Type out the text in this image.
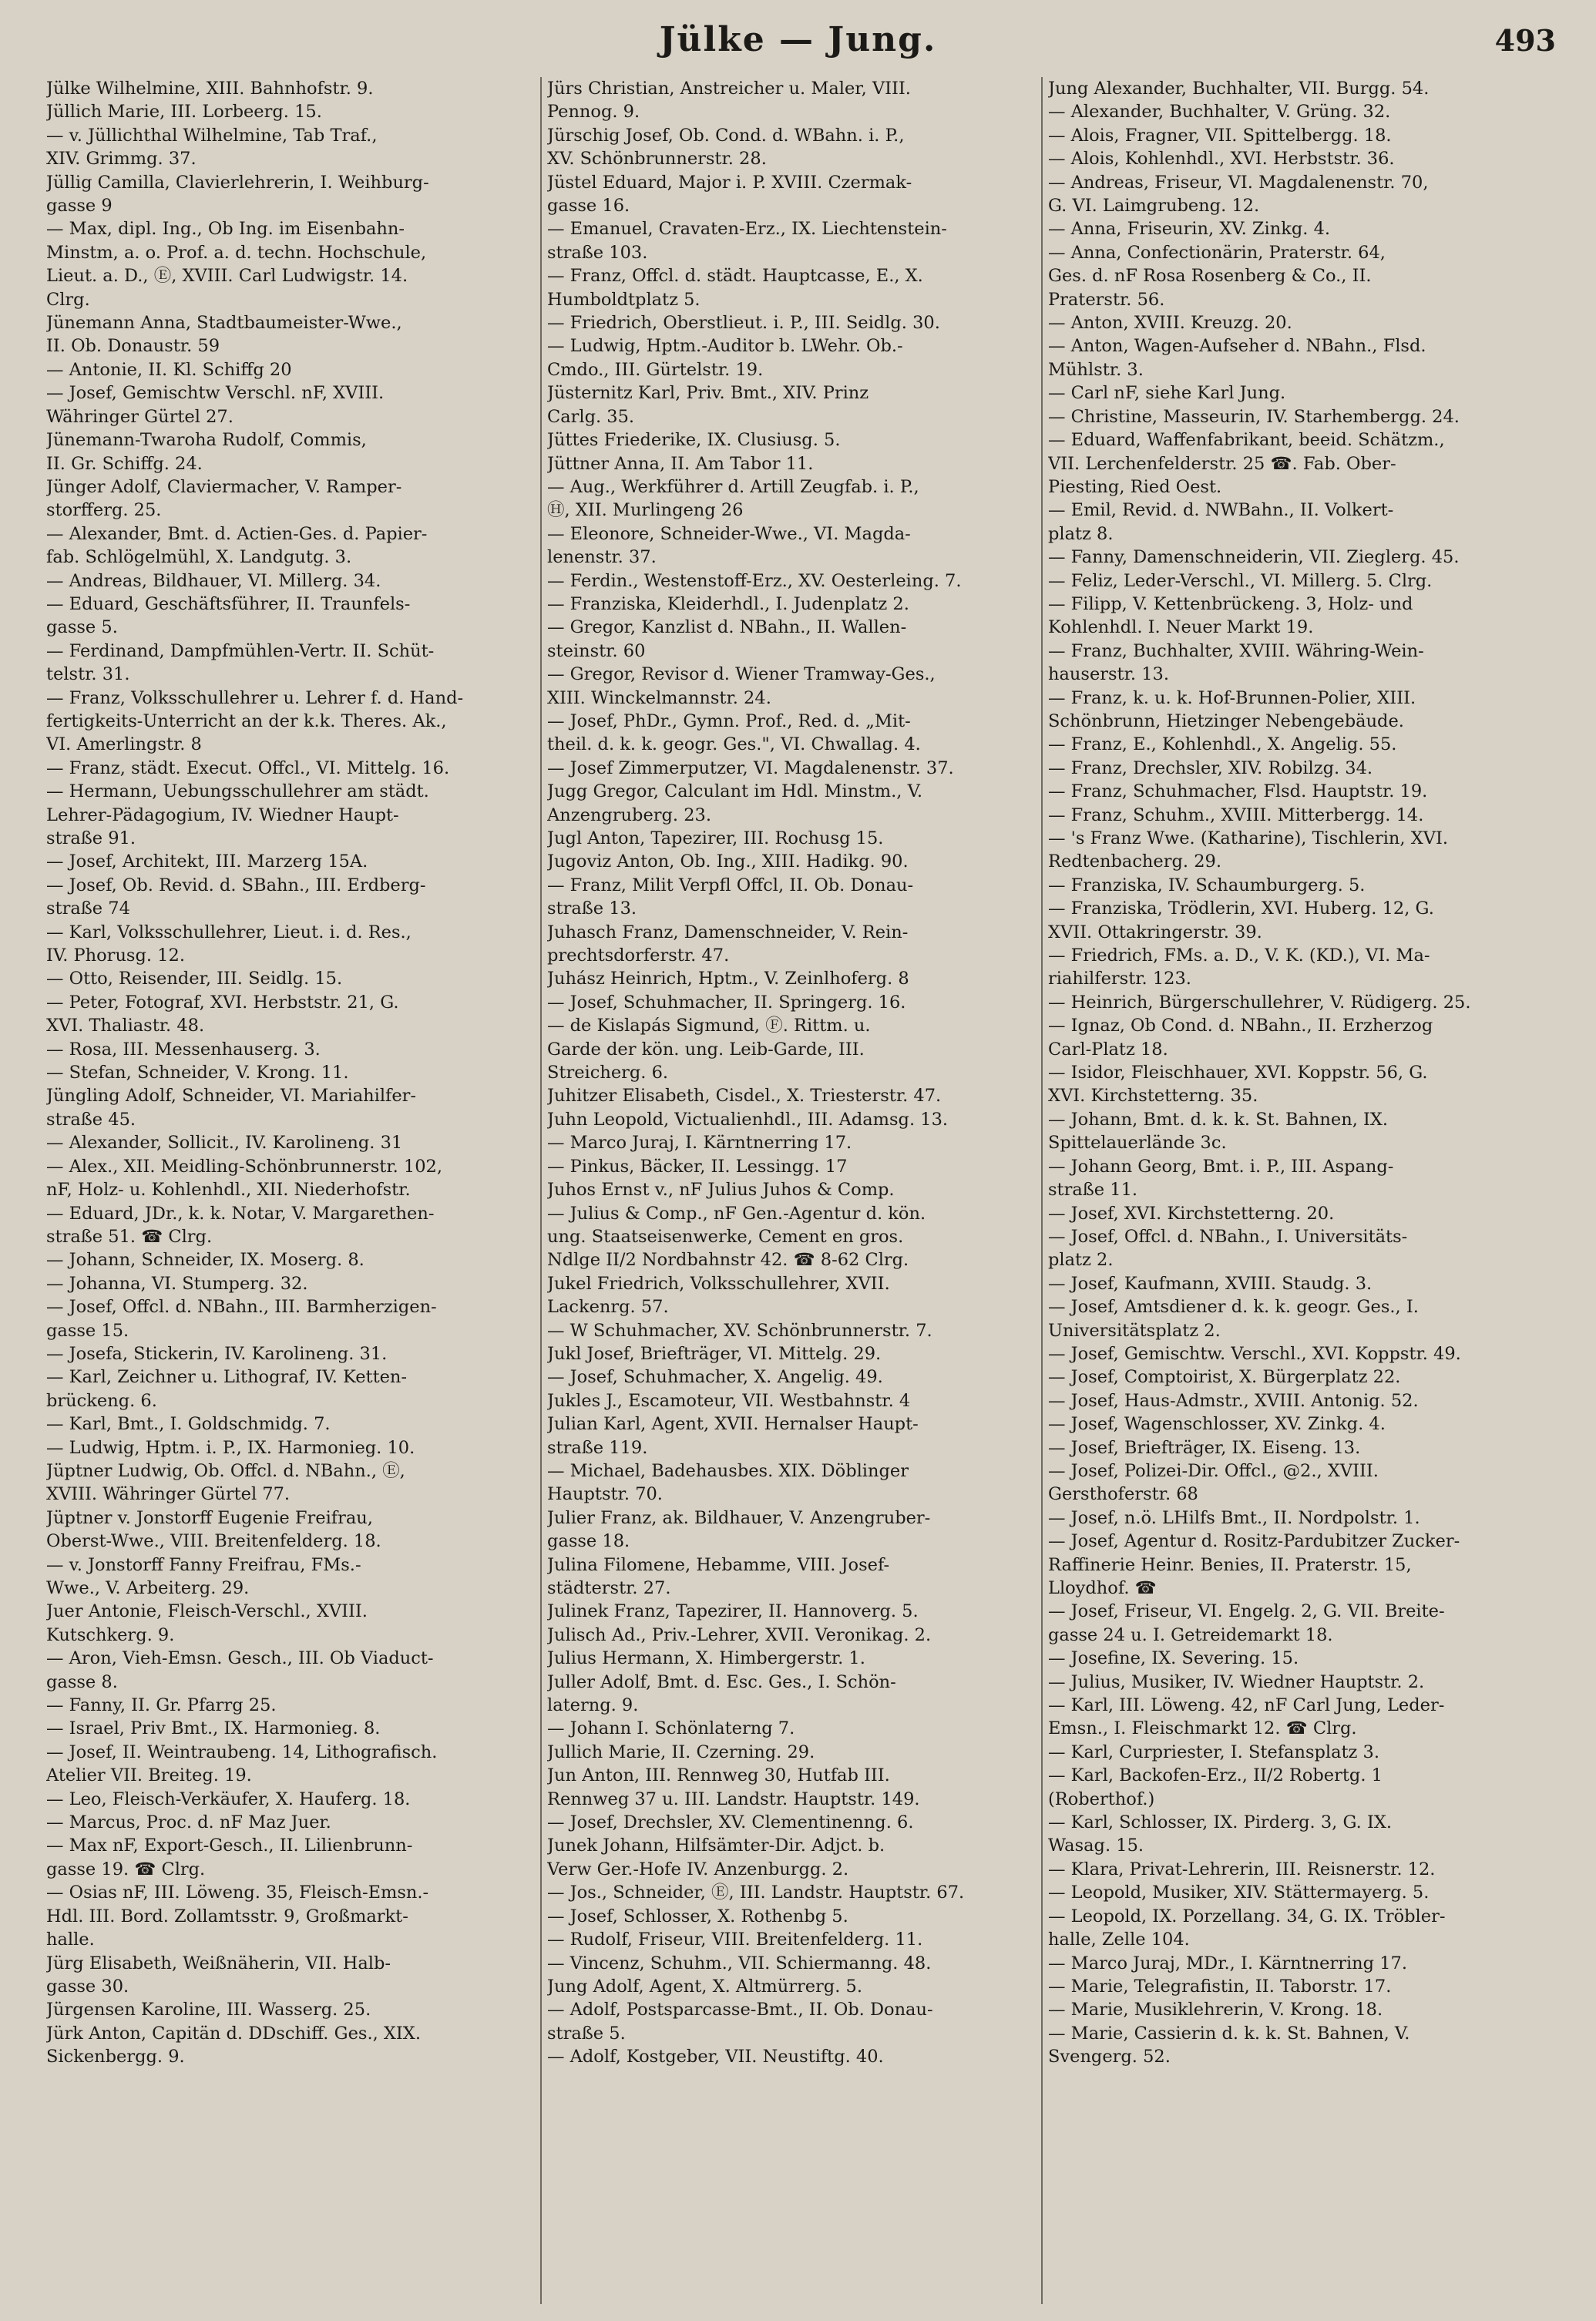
Jülke — Jung.	493

Jülke Wilhelmine, XIII. Bahnhofstr. 9.

Jüllich Marie, III. Lorbeerg. 15.

— v. Jüllichthal Wilhelmine, Tab Traf.,

XIV. Grimmg. 37.

Jüllig Camilla, Clavierlehrerin, I. Weihburg-

gasse 9

— Max, dipl. Ing., Ob Ing. im Eisenbahn-

Minstm, a. o. Prof. a. d. techn. Hochschule,

Lieut. a. D., Ⓔ, XVIII. Carl Ludwigstr. 14.

Clrg.

Jünemann Anna, Stadtbaumeister-Wwe.,

II. Ob. Donaustr. 59

— Antonie, II. Kl. Schiffg 20

— Josef, Gemischtw Verschl. nF, XVIII.

Währinger Gürtel 27.

Jünemann-Twaroha Rudolf, Commis,

II. Gr. Schiffg. 24.

Jünger Adolf, Claviermacher, V. Ramper-

storfferg. 25.

— Alexander, Bmt. d. Actien-Ges. d. Papier-

fab. Schlögelmühl, X. Landgutg. 3.

— Andreas, Bildhauer, VI. Millerg. 34.

— Eduard, Geschäftsführer, II. Traunfels-

gasse 5.

— Ferdinand, Dampfmühlen-Vertr. II. Schüt-

telstr. 31.

— Franz, Volksschullehrer u. Lehrer f. d. Hand-

fertigkeits-Unterricht an der k.k. Theres. Ak.,

VI. Amerlingstr. 8

— Franz, städt. Execut. Offcl., VI. Mittelg. 16.

— Hermann, Uebungsschullehrer am städt.

Lehrer-Pädagogium, IV. Wiedner Haupt-

straße 91.

— Josef, Architekt, III. Marzerg 15A.

— Josef, Ob. Revid. d. SBahn., III. Erdberg-

straße 74

— Karl, Volksschullehrer, Lieut. i. d. Res.,

IV. Phorusg. 12.

— Otto, Reisender, III. Seidlg. 15.

— Peter, Fotograf, XVI. Herbststr. 21, G.

XVI. Thaliastr. 48.

— Rosa, III. Messenhauserg. 3.

— Stefan, Schneider, V. Krong. 11.

Jüngling Adolf, Schneider, VI. Mariahilfer-

straße 45.

— Alexander, Sollicit., IV. Karolineng. 31

— Alex., XII. Meidling-Schönbrunnerstr. 102,

nF, Holz- u. Kohlenhdl., XII. Niederhofstr.

— Eduard, JDr., k. k. Notar, V. Margarethen-

straße 51. ☎ Clrg.

— Johann, Schneider, IX. Moserg. 8.

— Johanna, VI. Stumperg. 32.

— Josef, Offcl. d. NBahn., III. Barmherzigen-

gasse 15.

— Josefa, Stickerin, IV. Karolineng. 31.

— Karl, Zeichner u. Lithograf, IV. Ketten-

brückeng. 6.

— Karl, Bmt., I. Goldschmidg. 7.

— Ludwig, Hptm. i. P., IX. Harmonieg. 10.

Jüptner Ludwig, Ob. Offcl. d. NBahn., Ⓔ,

XVIII. Währinger Gürtel 77.

Jüptner v. Jonstorff Eugenie Freifrau,

Oberst-Wwe., VIII. Breitenfelderg. 18.

— v. Jonstorff Fanny Freifrau, FMs.-

Wwe., V. Arbeiterg. 29.

Juer Antonie, Fleisch-Verschl., XVIII.

Kutschkerg. 9.

— Aron, Vieh-Emsn. Gesch., III. Ob Viaduct-

gasse 8.

— Fanny, II. Gr. Pfarrg 25.

— Israel, Priv Bmt., IX. Harmonieg. 8.

— Josef, II. Weintraubeng. 14, Lithografisch.

Atelier VII. Breiteg. 19.

— Leo, Fleisch-Verkäufer, X. Hauferg. 18.

— Marcus, Proc. d. nF Maz Juer.

— Max nF, Export-Gesch., II. Lilienbrunn-

gasse 19. ☎ Clrg.

— Osias nF, III. Löweng. 35, Fleisch-Emsn.-

Hdl. III. Bord. Zollamtsstr. 9, Großmarkt-

halle.

Jürg Elisabeth, Weißnäherin, VII. Halb-

gasse 30.

Jürgensen Karoline, III. Wasserg. 25.

Jürk Anton, Capitän d. DDschiff. Ges., XIX.

Sickenbergg. 9.

Jürs Christian, Anstreicher u. Maler, VIII.

Pennog. 9.

Jürschig Josef, Ob. Cond. d. WBahn. i. P.,

XV. Schönbrunnerstr. 28.

Jüstel Eduard, Major i. P. XVIII. Czermak-

gasse 16.

— Emanuel, Cravaten-Erz., IX. Liechtenstein-

straße 103.

— Franz, Offcl. d. städt. Hauptcasse, E., X.

Humboldtplatz 5.

— Friedrich, Oberstlieut. i. P., III. Seidlg. 30.

— Ludwig, Hptm.-Auditor b. LWehr. Ob.-

Cmdo., III. Gürtelstr. 19.

Jüsternitz Karl, Priv. Bmt., XIV. Prinz

Carlg. 35.

Jüttes Friederike, IX. Clusiusg. 5.

Jüttner Anna, II. Am Tabor 11.

— Aug., Werkführer d. Artill Zeugfab. i. P.,

Ⓗ, XII. Murlingeng 26

— Eleonore, Schneider-Wwe., VI. Magda-

lenenstr. 37.

— Ferdin., Westenstoff-Erz., XV. Oesterleing. 7.

— Franziska, Kleiderhdl., I. Judenplatz 2.

— Gregor, Kanzlist d. NBahn., II. Wallen-

steinstr. 60

— Gregor, Revisor d. Wiener Tramway-Ges.,

XIII. Winckelmannstr. 24.

— Josef, PhDr., Gymn. Prof., Red. d. „Mit-

theil. d. k. k. geogr. Ges.", VI. Chwallag. 4.

— Josef Zimmerputzer, VI. Magdalenenstr. 37.

Jugg Gregor, Calculant im Hdl. Minstm., V.

Anzengruberg. 23.

Jugl Anton, Tapezirer, III. Rochusg 15.

Jugoviz Anton, Ob. Ing., XIII. Hadikg. 90.

— Franz, Milit Verpfl Offcl, II. Ob. Donau-

straße 13.

Juhasch Franz, Damenschneider, V. Rein-

prechtsdorferstr. 47.

Juhász Heinrich, Hptm., V. Zeinlhoferg. 8

— Josef, Schuhmacher, II. Springerg. 16.

— de Kislapás Sigmund, Ⓕ. Rittm. u.

Garde der kön. ung. Leib-Garde, III.

Streicherg. 6.

Juhitzer Elisabeth, Cisdel., X. Triesterstr. 47.

Juhn Leopold, Victualienhdl., III. Adamsg. 13.

— Marco Juraj, I. Kärntnerring 17.

— Pinkus, Bäcker, II. Lessingg. 17

Juhos Ernst v., nF Julius Juhos & Comp.

— Julius & Comp., nF Gen.-Agentur d. kön.

ung. Staatseisenwerke, Cement en gros.

Ndlge II/2 Nordbahnstr 42. ☎ 8-62 Clrg.

Jukel Friedrich, Volksschullehrer, XVII.

Lackenrg. 57.

— W Schuhmacher, XV. Schönbrunnerstr. 7.

Jukl Josef, Briefträger, VI. Mittelg. 29.

— Josef, Schuhmacher, X. Angelig. 49.

Jukles J., Escamoteur, VII. Westbahnstr. 4

Julian Karl, Agent, XVII. Hernalser Haupt-

straße 119.

— Michael, Badehausbes. XIX. Döblinger

Hauptstr. 70.

Julier Franz, ak. Bildhauer, V. Anzengruber-

gasse 18.

Julina Filomene, Hebamme, VIII. Josef-

städterstr. 27.

Julinek Franz, Tapezirer, II. Hannoverg. 5.

Julisch Ad., Priv.-Lehrer, XVII. Veronikag. 2.

Julius Hermann, X. Himbergerstr. 1.

Juller Adolf, Bmt. d. Esc. Ges., I. Schön-

laterng. 9.

— Johann I. Schönlaterng 7.

Jullich Marie, II. Czerning. 29.

Jun Anton, III. Rennweg 30, Hutfab III.

Rennweg 37 u. III. Landstr. Hauptstr. 149.

— Josef, Drechsler, XV. Clementinenng. 6.

Junek Johann, Hilfsämter-Dir. Adjct. b.

Verw Ger.-Hofe IV. Anzenburgg. 2.

— Jos., Schneider, Ⓔ, III. Landstr. Hauptstr. 67.

— Josef, Schlosser, X. Rothenbg 5.

— Rudolf, Friseur, VIII. Breitenfelderg. 11.

— Vincenz, Schuhm., VII. Schiermanng. 48.

Jung Adolf, Agent, X. Altmürrerg. 5.

— Adolf, Postsparcasse-Bmt., II. Ob. Donau-

straße 5.

— Adolf, Kostgeber, VII. Neustiftg. 40.

Jung Alexander, Buchhalter, VII. Burgg. 54.

— Alexander, Buchhalter, V. Grüng. 32.

— Alois, Fragner, VII. Spittelbergg. 18.

— Alois, Kohlenhdl., XVI. Herbststr. 36.

— Andreas, Friseur, VI. Magdalenenstr. 70,

G. VI. Laimgrubeng. 12.

— Anna, Friseurin, XV. Zinkg. 4.

— Anna, Confectionärin, Praterstr. 64,

Ges. d. nF Rosa Rosenberg & Co., II.

Praterstr. 56.

— Anton, XVIII. Kreuzg. 20.

— Anton, Wagen-Aufseher d. NBahn., Flsd.

Mühlstr. 3.

— Carl nF, siehe Karl Jung.

— Christine, Masseurin, IV. Starhembergg. 24.

— Eduard, Waffenfabrikant, beeid. Schätzm.,

VII. Lerchenfelderstr. 25 ☎. Fab. Ober-

Piesting, Ried Oest.

— Emil, Revid. d. NWBahn., II. Volkert-

platz 8.

— Fanny, Damenschneiderin, VII. Zieglerg. 45.

— Feliz, Leder-Verschl., VI. Millerg. 5. Clrg.

— Filipp, V. Kettenbrückeng. 3, Holz- und

Kohlenhdl. I. Neuer Markt 19.

— Franz, Buchhalter, XVIII. Währing-Wein-

hauserstr. 13.

— Franz, k. u. k. Hof-Brunnen-Polier, XIII.

Schönbrunn, Hietzinger Nebengebäude.

— Franz, E., Kohlenhdl., X. Angelig. 55.

— Franz, Drechsler, XIV. Robilzg. 34.

— Franz, Schuhmacher, Flsd. Hauptstr. 19.

— Franz, Schuhm., XVIII. Mitterbergg. 14.

— 's Franz Wwe. (Katharine), Tischlerin, XVI.

Redtenbacherg. 29.

— Franziska, IV. Schaumburgerg. 5.

— Franziska, Trödlerin, XVI. Huberg. 12, G.

XVII. Ottakringerstr. 39.

— Friedrich, FMs. a. D., V. K. (KD.), VI. Ma-

riahilferstr. 123.

— Heinrich, Bürgerschullehrer, V. Rüdigerg. 25.

— Ignaz, Ob Cond. d. NBahn., II. Erzherzog

Carl-Platz 18.

— Isidor, Fleischhauer, XVI. Koppstr. 56, G.

XVI. Kirchstetterng. 35.

— Johann, Bmt. d. k. k. St. Bahnen, IX.

Spittelauerlände 3c.

— Johann Georg, Bmt. i. P., III. Aspang-

straße 11.

— Josef, XVI. Kirchstetterng. 20.

— Josef, Offcl. d. NBahn., I. Universitäts-

platz 2.

— Josef, Kaufmann, XVIII. Staudg. 3.

— Josef, Amtsdiener d. k. k. geogr. Ges., I.

Universitätsplatz 2.

— Josef, Gemischtw. Verschl., XVI. Koppstr. 49.

— Josef, Comptoirist, X. Bürgerplatz 22.

— Josef, Haus-Admstr., XVIII. Antonig. 52.

— Josef, Wagenschlosser, XV. Zinkg. 4.

— Josef, Briefträger, IX. Eiseng. 13.

— Josef, Polizei-Dir. Offcl., @2., XVIII.

Gersthoferstr. 68

— Josef, n.ö. LHilfs Bmt., II. Nordpolstr. 1.

— Josef, Agentur d. Rositz-Pardubitzer Zucker-

Raffinerie Heinr. Benies, II. Praterstr. 15,

Lloydhof. ☎

— Josef, Friseur, VI. Engelg. 2, G. VII. Breite-

gasse 24 u. I. Getreidemarkt 18.

— Josefine, IX. Severing. 15.

— Julius, Musiker, IV. Wiedner Hauptstr. 2.

— Karl, III. Löweng. 42, nF Carl Jung, Leder-

Emsn., I. Fleischmarkt 12. ☎ Clrg.

— Karl, Curpriester, I. Stefansplatz 3.

— Karl, Backofen-Erz., II/2 Robertg. 1

(Roberthof.)

— Karl, Schlosser, IX. Pirderg. 3, G. IX.

Wasag. 15.

— Klara, Privat-Lehrerin, III. Reisnerstr. 12.

— Leopold, Musiker, XIV. Stättermayerg. 5.

— Leopold, IX. Porzellang. 34, G. IX. Tröbler-

halle, Zelle 104.

— Marco Juraj, MDr., I. Kärntnerring 17.

— Marie, Telegrafistin, II. Taborstr. 17.

— Marie, Musiklehrerin, V. Krong. 18.

— Marie, Cassierin d. k. k. St. Bahnen, V.

Svengerg. 52.
